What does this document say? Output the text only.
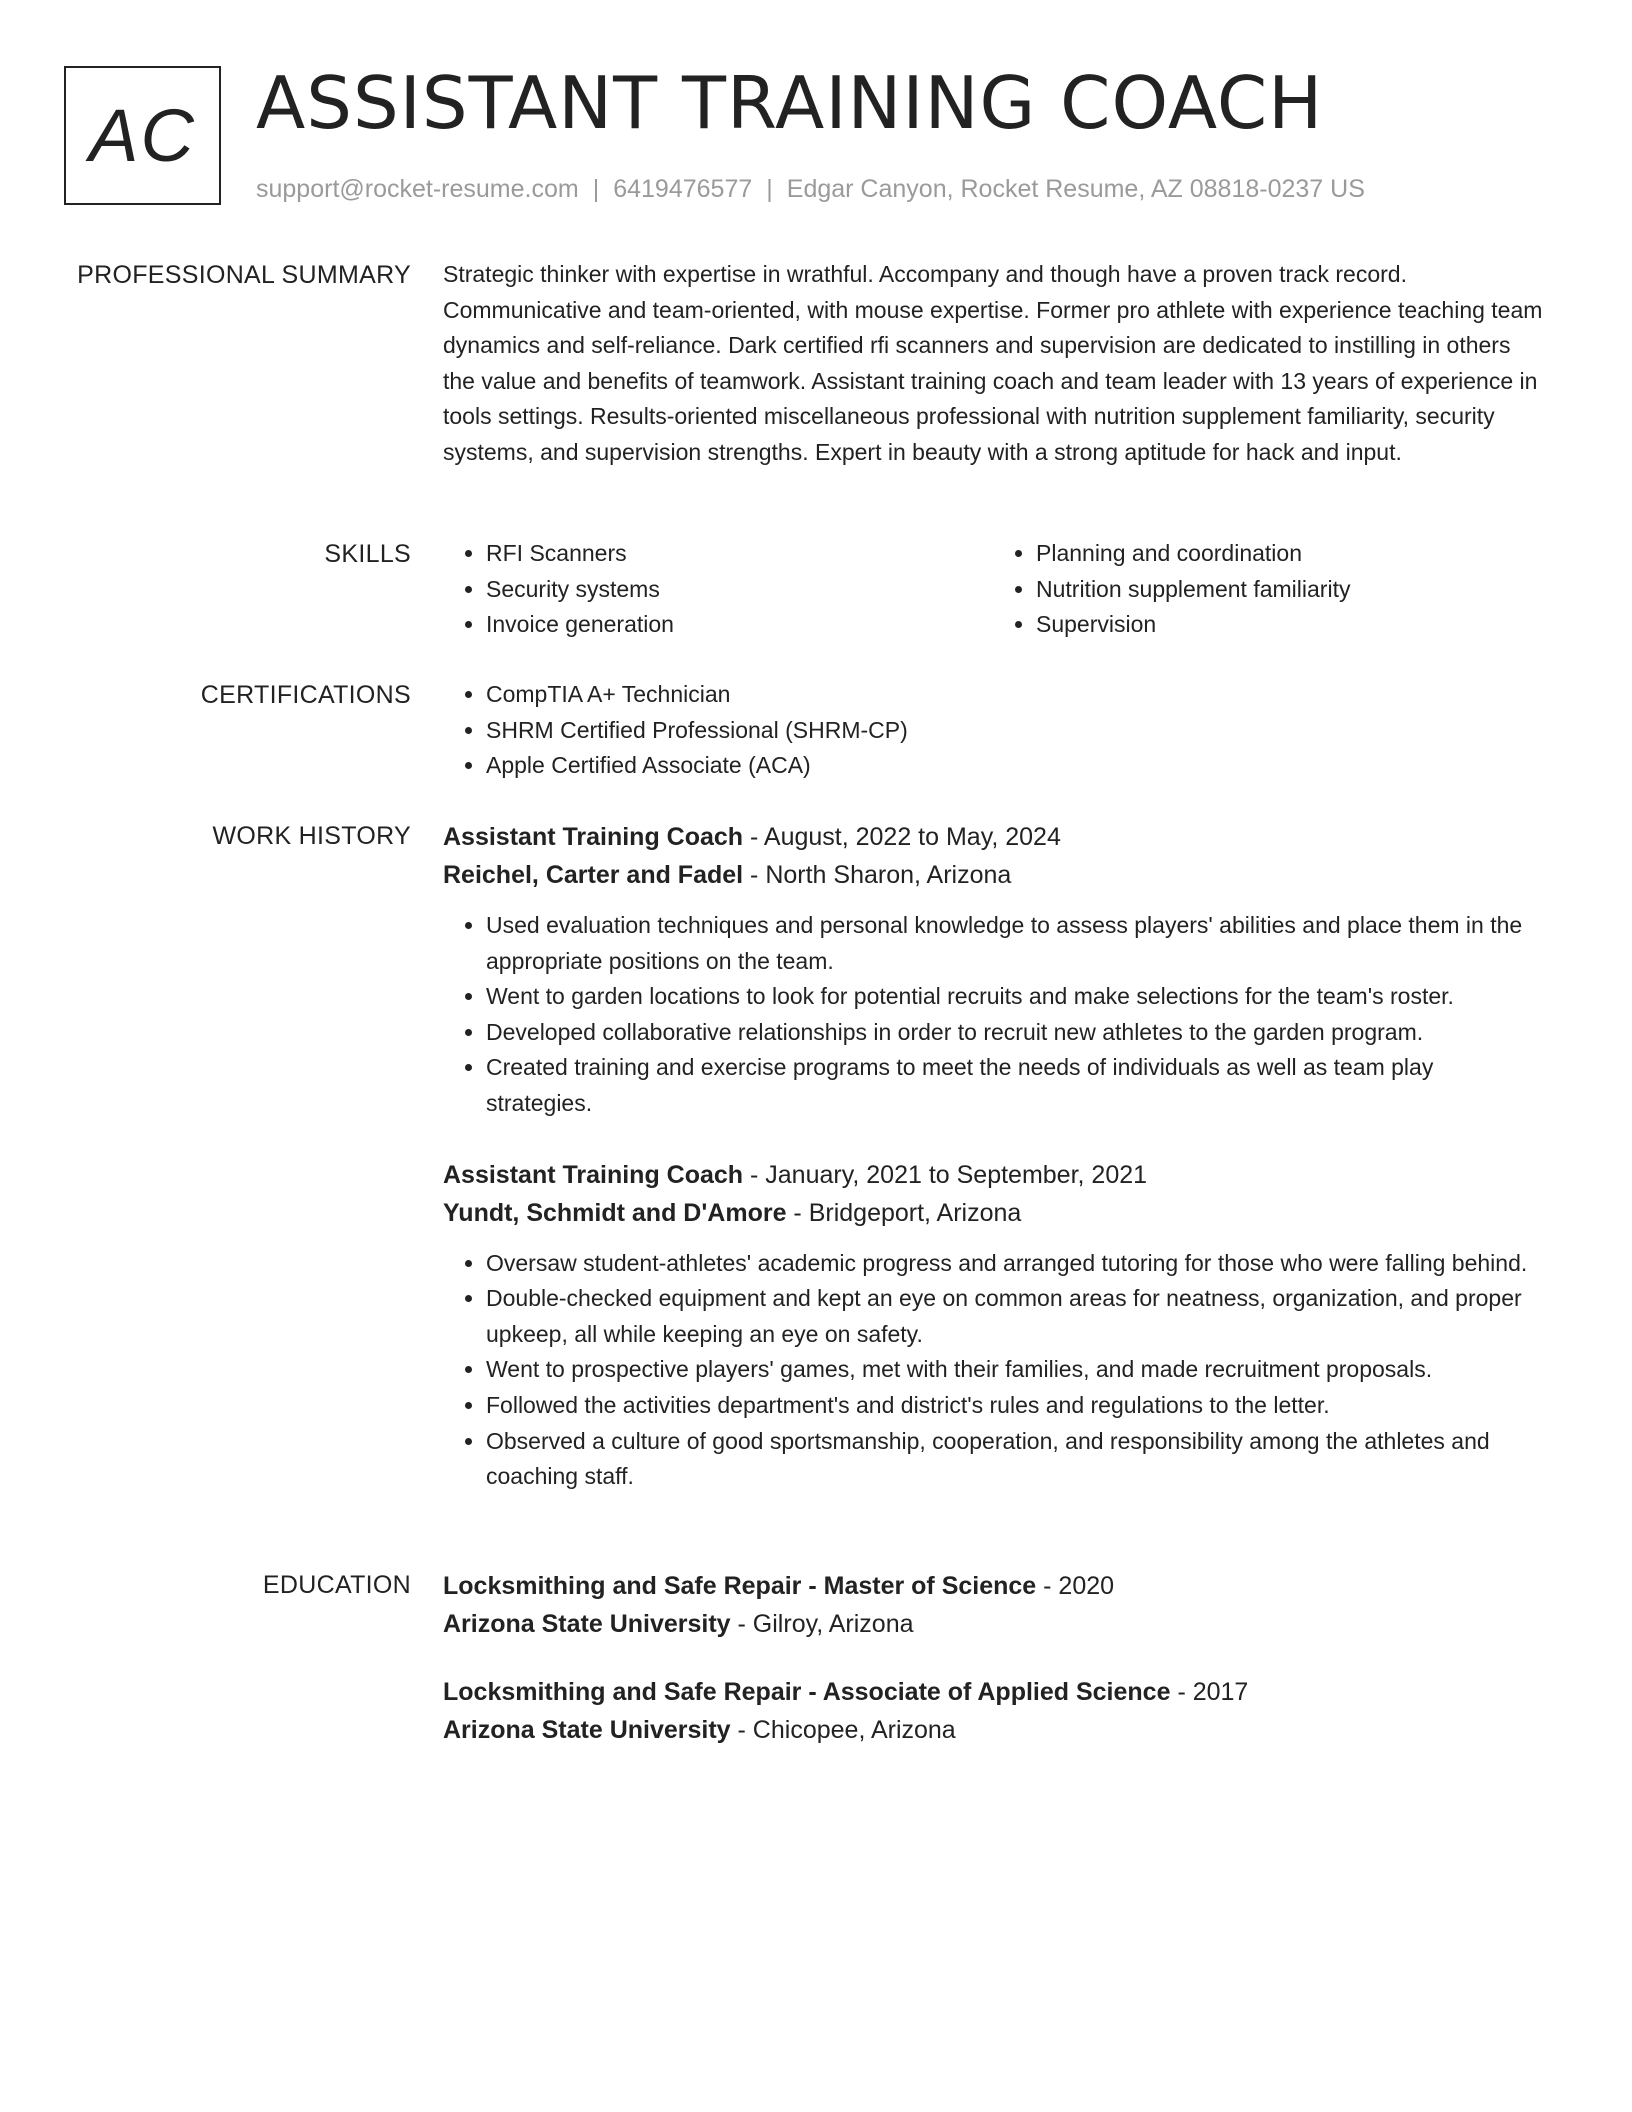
AC ASSISTANT TRAINING COACH
support@rocket-resume.com | 6419476577 | Edgar Canyon, Rocket Resume, AZ 08818-0237 US
PROFESSIONAL SUMMARY Strategic thinker with expertise in wrathful. Accompany and though have a proven track record. Communicative and team-oriented, with mouse expertise. Former pro athlete with experience teaching team dynamics and self-reliance. Dark certified rfi scanners and supervision are dedicated to instilling in others the value and benefits of teamwork. Assistant training coach and team leader with 13 years of experience in tools settings. Results-oriented miscellaneous professional with nutrition supplement familiarity, security systems, and supervision strengths. Expert in beauty with a strong aptitude for hack and input.

SKILLS	• RFI Scanners
• Security systems
• Invoice generation
• Planning and coordination
• Nutrition supplement familiarity
• Supervision
CERTIFICATIONS	• CompTIA A+ Technician
• SHRM Certified Professional (SHRM-CP)
• Apple Certified Associate (ACA)
WORK HISTORY Assistant Training Coach - August, 2022 to May, 2024
Reichel, Carter and Fadel - North Sharon, Arizona
• Used evaluation techniques and personal knowledge to assess players' abilities and place them in the appropriate positions on the team.
• Went to garden locations to look for potential recruits and make selections for the team's roster.
• Developed collaborative relationships in order to recruit new athletes to the garden program.
• Created training and exercise programs to meet the needs of individuals as well as team play strategies.
Assistant Training Coach - January, 2021 to September, 2021
Yundt, Schmidt and D'Amore - Bridgeport, Arizona
• Oversaw student-athletes' academic progress and arranged tutoring for those who were falling behind.
• Double-checked equipment and kept an eye on common areas for neatness, organization, and proper upkeep, all while keeping an eye on safety.
• Went to prospective players' games, met with their families, and made recruitment proposals.
• Followed the activities department's and district's rules and regulations to the letter.
• Observed a culture of good sportsmanship, cooperation, and responsibility among the athletes and coaching staff.
EDUCATION Locksmithing and Safe Repair - Master of Science - 2020
Arizona State University - Gilroy, Arizona
Locksmithing and Safe Repair - Associate of Applied Science - 2017
Arizona State University - Chicopee, Arizona
